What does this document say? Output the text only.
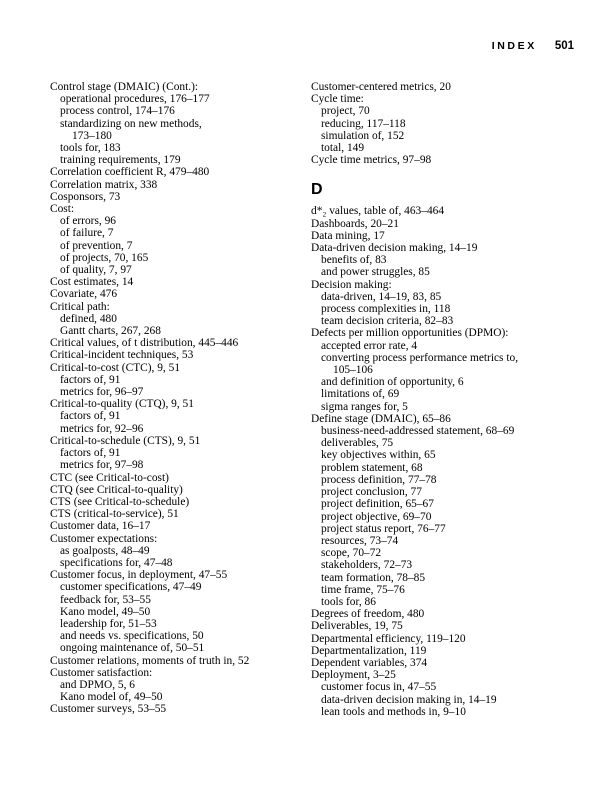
INDEX 501
Control stage (DMAIC) (Cont.):
operational procedures, 176–177
process control, 174–176
standardizing on new methods,
173–180
tools for, 183
training requirements, 179
Correlation coefficient R, 479–480
Correlation matrix, 338
Cosponsors, 73
Cost:
of errors, 96
of failure, 7
of prevention, 7
of projects, 70, 165
of quality, 7, 97
Cost estimates, 14
Covariate, 476
Critical path:
defined, 480
Gantt charts, 267, 268
Critical values, of t distribution, 445–446
Critical-incident techniques, 53
Critical-to-cost (CTC), 9, 51
factors of, 91
metrics for, 96–97
Critical-to-quality (CTQ), 9, 51
factors of, 91
metrics for, 92–96
Critical-to-schedule (CTS), 9, 51
factors of, 91
metrics for, 97–98
CTC (see Critical-to-cost)
CTQ (see Critical-to-quality)
CTS (see Critical-to-schedule)
CTS (critical-to-service), 51
Customer data, 16–17
Customer expectations:
as goalposts, 48–49
specifications for, 47–48
Customer focus, in deployment, 47–55
customer specifications, 47–49
feedback for, 53–55
Kano model, 49–50
leadership for, 51–53
and needs vs. specifications, 50
ongoing maintenance of, 50–51
Customer relations, moments of truth in, 52
Customer satisfaction:
and DPMO, 5, 6
Kano model of, 49–50
Customer surveys, 53–55
Customer-centered metrics, 20
Cycle time:
project, 70
reducing, 117–118
simulation of, 152
total, 149
Cycle time metrics, 97–98
D
d*₂ values, table of, 463–464
Dashboards, 20–21
Data mining, 17
Data-driven decision making, 14–19
benefits of, 83
and power struggles, 85
Decision making:
data-driven, 14–19, 83, 85
process complexities in, 118
team decision criteria, 82–83
Defects per million opportunities (DPMO):
accepted error rate, 4
converting process performance metrics to,
105–106
and definition of opportunity, 6
limitations of, 69
sigma ranges for, 5
Define stage (DMAIC), 65–86
business-need-addressed statement, 68–69
deliverables, 75
key objectives within, 65
problem statement, 68
process definition, 77–78
project conclusion, 77
project definition, 65–67
project objective, 69–70
project status report, 76–77
resources, 73–74
scope, 70–72
stakeholders, 72–73
team formation, 78–85
time frame, 75–76
tools for, 86
Degrees of freedom, 480
Deliverables, 19, 75
Departmental efficiency, 119–120
Departmentalization, 119
Dependent variables, 374
Deployment, 3–25
customer focus in, 47–55
data-driven decision making in, 14–19
lean tools and methods in, 9–10
